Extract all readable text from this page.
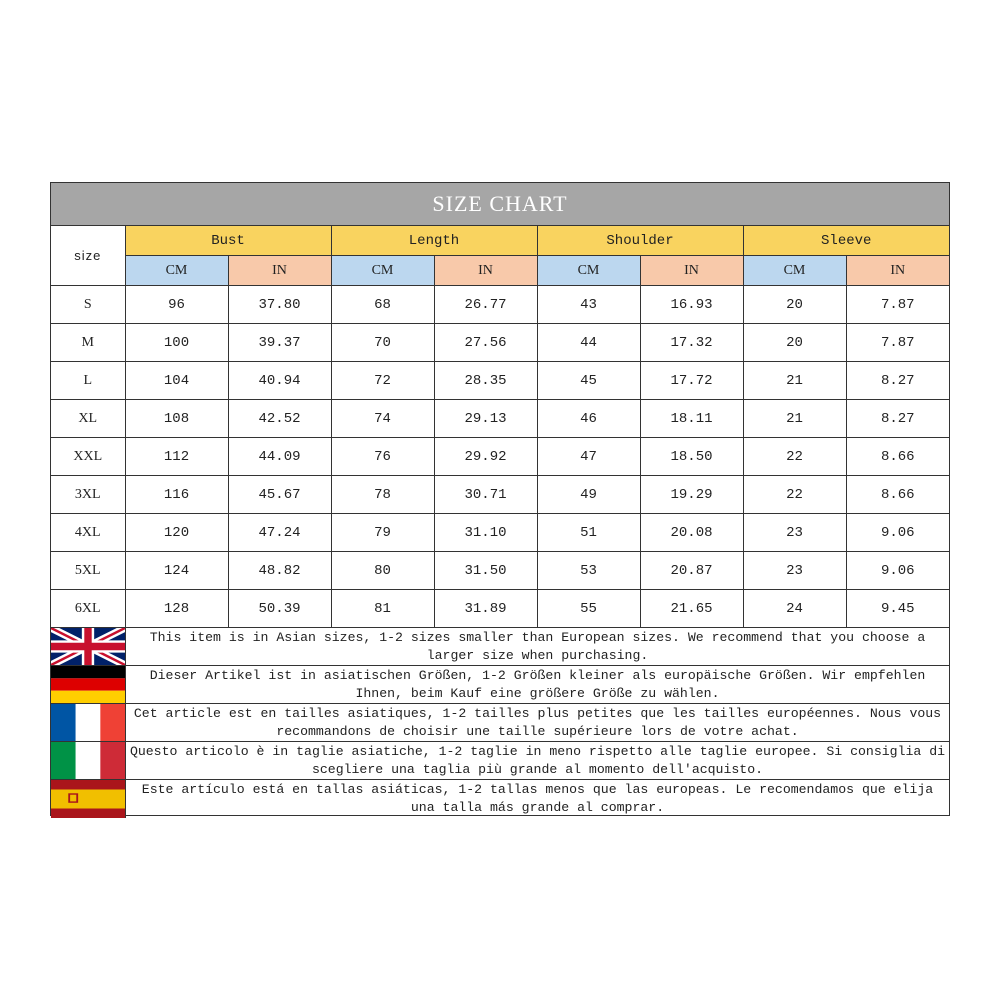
SIZE CHART
size	Bust		Length		Shoulder		Sleeve	
	CM	IN	CM	IN	CM	IN	CM	IN
S	96	37.80	68	26.77	43	16.93	20	7.87
M	100	39.37	70	27.56	44	17.32	20	7.87
L	104	40.94	72	28.35	45	17.72	21	8.27
XL	108	42.52	74	29.13	46	18.11	21	8.27
XXL	112	44.09	76	29.92	47	18.50	22	8.66
3XL	116	45.67	78	30.71	49	19.29	22	8.66
4XL	120	47.24	79	31.10	51	20.08	23	9.06
5XL	124	48.82	80	31.50	53	20.87	23	9.06
6XL	128	50.39	81	31.89	55	21.65	24	9.45
This item is in Asian sizes, 1-2 sizes smaller than European sizes. We recommend that you choose a larger size when purchasing.
Dieser Artikel ist in asiatischen Größen, 1-2 Größen kleiner als europäische Größen. Wir empfehlen Ihnen, beim Kauf eine größere Größe zu wählen.
Cet article est en tailles asiatiques, 1-2 tailles plus petites que les tailles européennes. Nous vous recommandons de choisir une taille supérieure lors de votre achat.
Questo articolo è in taglie asiatiche, 1-2 taglie in meno rispetto alle taglie europee. Si consiglia di scegliere una taglia più grande al momento dell'acquisto.
Este artículo está en tallas asiáticas, 1-2 tallas menos que las europeas. Le recomendamos que elija una talla más grande al comprar.
